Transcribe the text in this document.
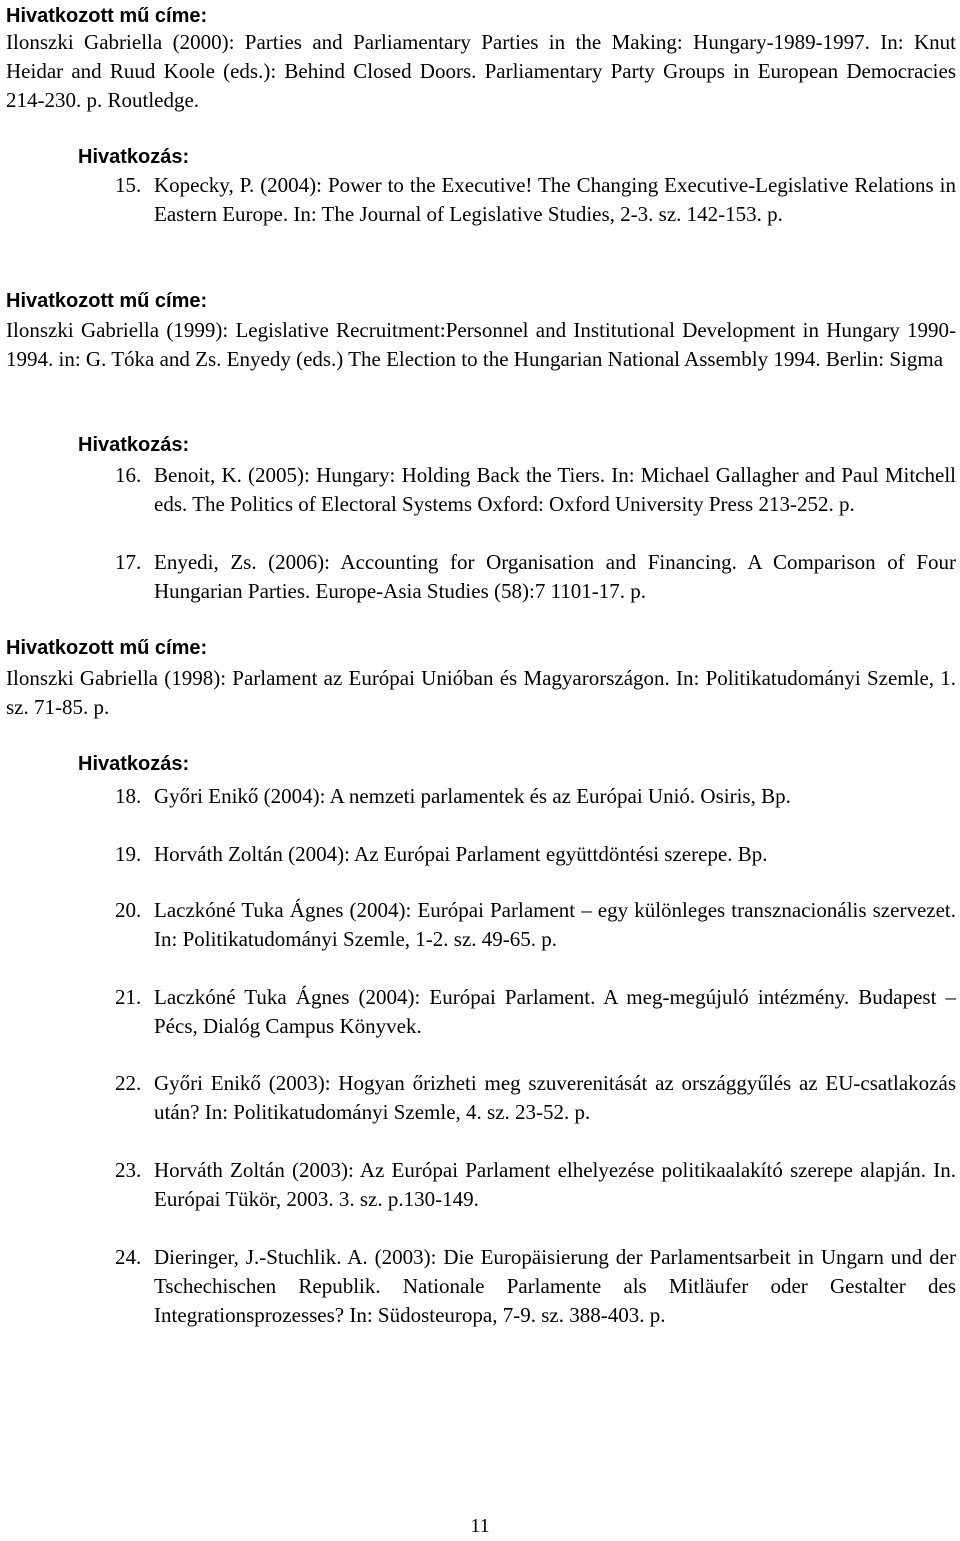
Hivatkozott mű címe:
Ilonszki Gabriella (2000): Parties and Parliamentary Parties in the Making: Hungary-1989-1997. In: Knut Heidar and Ruud Koole (eds.): Behind Closed Doors. Parliamentary Party Groups in European Democracies 214-230. p. Routledge.
Hivatkozás:
15. Kopecky, P. (2004): Power to the Executive! The Changing Executive-Legislative Relations in Eastern Europe. In: The Journal of Legislative Studies, 2-3. sz. 142-153. p.
Hivatkozott mű címe:
Ilonszki Gabriella (1999): Legislative Recruitment:Personnel and Institutional Development in Hungary 1990-1994. in: G. Tóka and Zs. Enyedy (eds.) The Election to the Hungarian National Assembly 1994. Berlin: Sigma
Hivatkozás:
16. Benoit, K. (2005): Hungary: Holding Back the Tiers. In: Michael Gallagher and Paul Mitchell eds. The Politics of Electoral Systems Oxford: Oxford University Press 213-252. p.
17. Enyedi, Zs. (2006): Accounting for Organisation and Financing. A Comparison of Four Hungarian Parties. Europe-Asia Studies (58):7 1101-17. p.
Hivatkozott mű címe:
Ilonszki Gabriella (1998): Parlament az Európai Unióban és Magyarországon. In: Politikatudományi Szemle, 1. sz. 71-85. p.
Hivatkozás:
18. Győri Enikő (2004): A nemzeti parlamentek és az Európai Unió. Osiris, Bp.
19. Horváth Zoltán (2004): Az Európai Parlament együttdöntési szerepe. Bp.
20. Laczkóné Tuka Ágnes (2004): Európai Parlament – egy különleges transznacionális szervezet. In: Politikatudományi Szemle, 1-2. sz. 49-65. p.
21. Laczkóné Tuka Ágnes (2004): Európai Parlament. A meg-megújuló intézmény. Budapest – Pécs, Dialóg Campus Könyvek.
22. Győri Enikő (2003): Hogyan őrizheti meg szuverenitását az országgyűlés az EU-csatlakozás után? In: Politikatudományi Szemle, 4. sz. 23-52. p.
23. Horváth Zoltán (2003): Az Európai Parlament elhelyezése politikaalakító szerepe alapján. In. Európai Tükör, 2003. 3. sz. p.130-149.
24. Dieringer, J.-Stuchlik. A. (2003): Die Europäisierung der Parlamentsarbeit in Ungarn und der Tschechischen Republik. Nationale Parlamente als Mitläufer oder Gestalter des Integrationsprozesses? In: Südosteuropa, 7-9. sz. 388-403. p.
11
